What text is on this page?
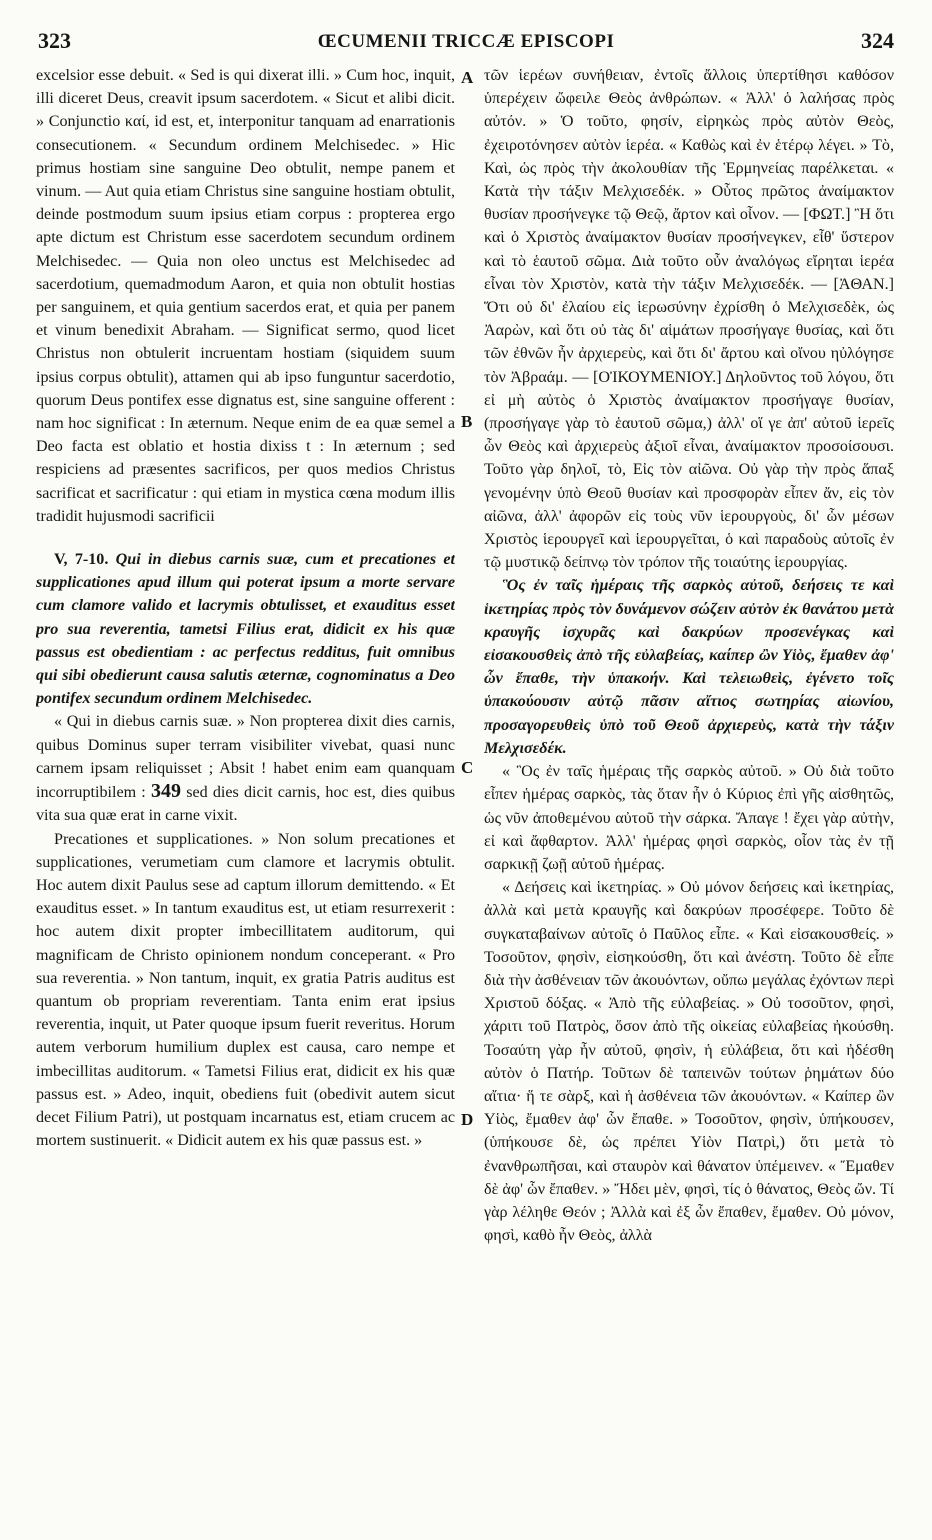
323	ŒCUMENII TRICCÆ EPISCOPI	324
A
B
C
D

excelsior esse debuit. « Sed is qui dixerat illi. » Cum hoc, inquit, illi diceret Deus, creavit ipsum sacerdotem. « Sicut et alibi dicit. » Conjunctio καί, id est, et, interponitur tanquam ad enarrationis consecutionem. « Secundum ordinem Melchisedec. » Hic primus hostiam sine sanguine Deo obtulit, nempe panem et vinum. — Aut quia etiam Christus sine sanguine hostiam obtulit, deinde postmodum suum ipsius etiam corpus : propterea ergo apte dictum est Christum esse sacerdotem secundum ordinem Melchisedec. — Quia non oleo unctus est Melchisedec ad sacerdotium, quemadmodum Aaron, et quia non obtulit hostias per sanguinem, et quia gentium sacerdos erat, et quia per panem et vinum benedixit Abraham. — Significat sermo, quod licet Christus non obtulerit incruentam hostiam (siquidem suum ipsius corpus obtulit), attamen qui ab ipso funguntur sacerdotio, quorum Deus pontifex esse dignatus est, sine sanguine offerent : nam hoc significat : In æternum. Neque enim de ea quæ semel a Deo facta est oblatio et hostia dixiss t : In æternum ; sed respiciens ad præsentes sacrificos, per quos medios Christus sacrificat et sacrificatur : qui etiam in mystica cœna modum illis tradidit hujusmodi sacrificii

V, 7-10. Qui in diebus carnis suæ, cum et precationes et supplicationes apud illum qui poterat ipsum a morte servare cum clamore valido et lacrymis obtulisset, et exauditus esset pro sua reverentia, tametsi Filius erat, didicit ex his quæ passus est obedientiam : ac perfectus redditus, fuit omnibus qui sibi obedierunt causa salutis æternæ, cognominatus a Deo pontifex secundum ordinem Melchisedec.

« Qui in diebus carnis suæ. » Non propterea dixit dies carnis, quibus Dominus super terram visibiliter vivebat, quasi nunc carnem ipsam reliquisset ; Absit ! habet enim eam quanquam incorruptibilem : 349 sed dies dicit carnis, hoc est, dies quibus vita sua quæ erat in carne vixit.

Precationes et supplicationes. » Non solum precationes et supplicationes, verumetiam cum clamore et lacrymis obtulit. Hoc autem dixit Paulus sese ad captum illorum demittendo. « Et exauditus esset. » In tantum exauditus est, ut etiam resurrexerit : hoc autem dixit propter imbecillitatem auditorum, qui magnificam de Christo opinionem nondum conceperant. « Pro sua reverentia. » Non tantum, inquit, ex gratia Patris auditus est quantum ob propriam reverentiam. Tanta enim erat ipsius reverentia, inquit, ut Pater quoque ipsum fuerit reveritus. Horum autem verborum humilium duplex est causa, caro nempe et imbecillitas auditorum. « Tametsi Filius erat, didicit ex his quæ passus est. » Adeo, inquit, obediens fuit (obedivit autem sicut decet Filium Patri), ut postquam incarnatus est, etiam crucem ac mortem sustinuerit. « Didicit autem ex his quæ passus est. »

τῶν ἱερέων συνήθειαν, ἐντοῖς ἄλλοις ὑπερτίθησι καθόσον ὑπερέχειν ὤφειλε Θεὸς ἀνθρώπων. « Ἀλλ' ὁ λαλήσας πρὸς αὐτόν. » Ὁ τοῦτο, φησίν, εἰρηκὼς πρὸς αὐτὸν Θεὸς, ἐχειροτόνησεν αὐτὸν ἱερέα. « Καθὼς καὶ ἐν ἑτέρῳ λέγει. » Τὸ, Καὶ, ὡς πρὸς τὴν ἀκολουθίαν τῆς Ἑρμηνείας παρέλκεται. « Κατὰ τὴν τάξιν Μελχισεδέκ. » Οὗτος πρῶτος ἀναίμακτον θυσίαν προσήνεγκε τῷ Θεῷ, ἄρτον καὶ οἶνον. — [ΦΩΤ.] Ἢ ὅτι καὶ ὁ Χριστὸς ἀναίμακτον θυσίαν προσήνεγκεν, εἶθ' ὕστερον καὶ τὸ ἑαυτοῦ σῶμα. Διὰ τοῦτο οὖν ἀναλόγως εἴρηται ἱερέα εἶναι τὸν Χριστὸν, κατὰ τὴν τάξιν Μελχισεδέκ. — [ἈΘΑΝ.] Ὅτι οὐ δι' ἐλαίου εἰς ἱερωσύνην ἐχρίσθη ὁ Μελχισεδὲκ, ὡς Ἀαρὼν, καὶ ὅτι οὐ τὰς δι' αἱμάτων προσήγαγε θυσίας, καὶ ὅτι τῶν ἐθνῶν ἦν ἀρχιερεὺς, καὶ ὅτι δι' ἄρτου καὶ οἴνου ηὐλόγησε τὸν Ἀβραάμ. — [ΟἸΚΟΥΜΕΝΙΟΥ.] Δηλοῦντος τοῦ λόγου, ὅτι εἰ μὴ αὐτὸς ὁ Χριστὸς ἀναίμακτον προσήγαγε θυσίαν, (προσήγαγε γὰρ τὸ ἑαυτοῦ σῶμα,) ἀλλ' οἵ γε ἀπ' αὐτοῦ ἱερεῖς ὧν Θεὸς καὶ ἀρχιερεὺς ἀξιοῖ εἶναι, ἀναίμακτον προσοίσουσι. Τοῦτο γὰρ δηλοῖ, τὸ, Εἰς τὸν αἰῶνα. Οὐ γὰρ τὴν πρὸς ἅπαξ γενομένην ὑπὸ Θεοῦ θυσίαν καὶ προσφορὰν εἶπεν ἄν, εἰς τὸν αἰῶνα, ἀλλ' ἀφορῶν εἰς τοὺς νῦν ἱερουργοὺς, δι' ὧν μέσων Χριστὸς ἱερουργεῖ καὶ ἱερουργεῖται, ὁ καὶ παραδοὺς αὐτοῖς ἐν τῷ μυστικῷ δείπνῳ τὸν τρόπον τῆς τοιαύτης ἱερουργίας.

Ὃς ἐν ταῖς ἡμέραις τῆς σαρκὸς αὐτοῦ, δεήσεις τε καὶ ἱκετηρίας πρὸς τὸν δυνάμενον σώζειν αὐτὸν ἐκ θανάτου μετὰ κραυγῆς ἰσχυρᾶς καὶ δακρύων προσενέγκας καὶ εἰσακουσθεὶς ἀπὸ τῆς εὐλαβείας, καίπερ ὢν Υἱὸς, ἔμαθεν ἀφ' ὧν ἔπαθε, τὴν ὑπακοήν. Καὶ τελειωθεὶς, ἐγένετο τοῖς ὑπακούουσιν αὐτῷ πᾶσιν αἴτιος σωτηρίας αἰωνίου, προσαγορευθεὶς ὑπὸ τοῦ Θεοῦ ἀρχιερεὺς, κατὰ τὴν τάξιν Μελχισεδέκ.

« Ὃς ἐν ταῖς ἡμέραις τῆς σαρκὸς αὐτοῦ. » Οὐ διὰ τοῦτο εἶπεν ἡμέρας σαρκὸς, τὰς ὅταν ἦν ὁ Κύριος ἐπὶ γῆς αἰσθητῶς, ὡς νῦν ἀποθεμένου αὐτοῦ τὴν σάρκα. Ἄπαγε ! ἔχει γὰρ αὐτὴν, εἰ καὶ ἄφθαρτον. Ἀλλ' ἡμέρας φησὶ σαρκὸς, οἷον τὰς ἐν τῇ σαρκικῇ ζωῇ αὐτοῦ ἡμέρας.

« Δεήσεις καὶ ἱκετηρίας. » Οὐ μόνον δεήσεις καὶ ἱκετηρίας, ἀλλὰ καὶ μετὰ κραυγῆς καὶ δακρύων προσέφερε. Τοῦτο δὲ συγκαταβαίνων αὐτοῖς ὁ Παῦλος εἶπε. « Καὶ εἰσακουσθείς. » Τοσοῦτον, φησὶν, εἰσηκούσθη, ὅτι καὶ ἀνέστη. Τοῦτο δὲ εἶπε διὰ τὴν ἀσθένειαν τῶν ἀκουόντων, οὔπω μεγάλας ἐχόντων περὶ Χριστοῦ δόξας. « Ἀπὸ τῆς εὐλαβείας. » Οὐ τοσοῦτον, φησὶ, χάριτι τοῦ Πατρὸς, ὅσον ἀπὸ τῆς οἰκείας εὐλαβείας ἠκούσθη. Τοσαύτη γὰρ ἦν αὐτοῦ, φησὶν, ἡ εὐλάβεια, ὅτι καὶ ἠδέσθη αὐτὸν ὁ Πατήρ. Τοῦτων δὲ ταπεινῶν τούτων ῥημάτων δύο αἴτια· ἥ τε σὰρξ, καὶ ἡ ἀσθένεια τῶν ἀκουόντων. « Καίπερ ὢν Υἱὸς, ἔμαθεν ἀφ' ὧν ἔπαθε. » Τοσοῦτον, φησὶν, ὑπήκουσεν, (ὑπήκουσε δὲ, ὡς πρέπει Υἱὸν Πατρὶ,) ὅτι μετὰ τὸ ἐνανθρωπῆσαι, καὶ σταυρὸν καὶ θάνατον ὑπέμεινεν. « Ἔμαθεν δὲ ἀφ' ὧν ἔπαθεν. » Ἤδει μὲν, φησὶ, τίς ὁ θάνατος, Θεὸς ὤν. Τί γὰρ λέληθε Θεόν ; Ἀλλὰ καὶ ἐξ ὧν ἔπαθεν, ἔμαθεν. Οὐ μόνον, φησὶ, καθὸ ἦν Θεὸς, ἀλλὰ
